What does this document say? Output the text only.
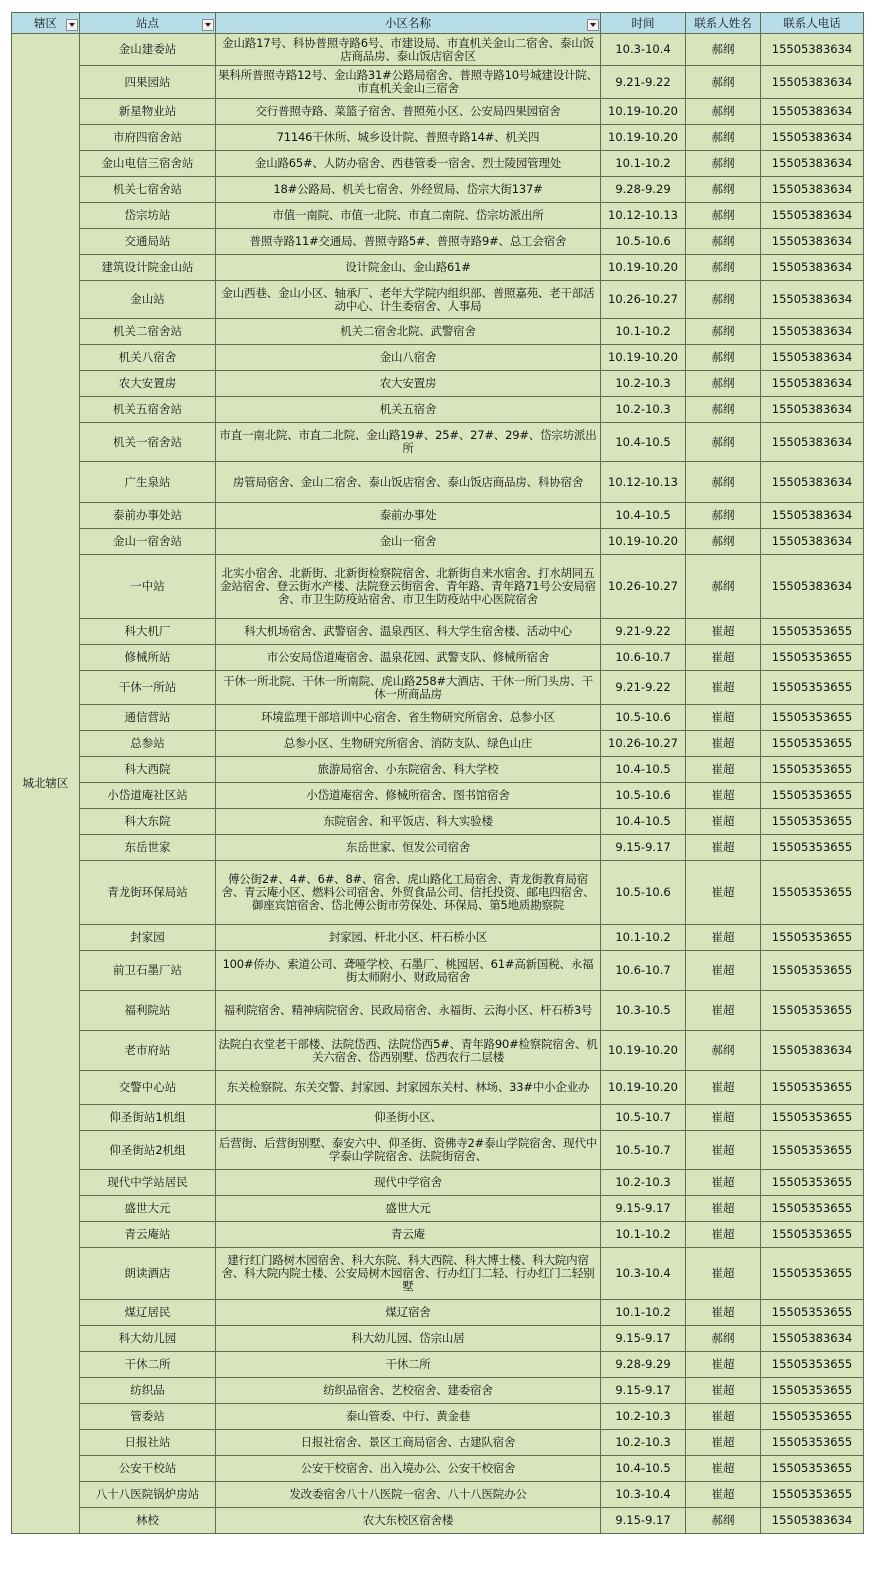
辖区	站点	小区名称	时间	联系人姓名	联系人电话
城北辖区	金山建委站	金山路17号、科协普照寺路6号、市建设局、市直机关金山二宿舍、泰山饭店商品房、泰山饭店宿舍区	10.3-10.4	郝纲	15505383634
	四果园站	果科所普照寺路12号、金山路31#公路局宿舍、普照寺路10号城建设计院、市直机关金山三宿舍	9.21-9.22	郝纲	15505383634
	新星物业站	交行普照寺路、菜篮子宿舍、普照苑小区、公安局四果园宿舍	10.19-10.20	郝纲	15505383634
	市府四宿舍站	71146干休所、城乡设计院、普照寺路14#、机关四	10.19-10.20	郝纲	15505383634
	金山电信三宿舍站	金山路65#、人防办宿舍、西巷管委一宿舍、烈士陵园管理处	10.1-10.2	郝纲	15505383634
	机关七宿舍站	18#公路局、机关七宿舍、外经贸局、岱宗大街137#	9.28-9.29	郝纲	15505383634
	岱宗坊站	市值一南院、市值一北院、市直二南院、岱宗坊派出所	10.12-10.13	郝纲	15505383634
	交通局站	普照寺路11#交通局、普照寺路5#、普照寺路9#、总工会宿舍	10.5-10.6	郝纲	15505383634
	建筑设计院金山站	设计院金山、金山路61#	10.19-10.20	郝纲	15505383634
	金山站	金山西巷、金山小区、轴承厂、老年大学院内组织部、普照嘉苑、老干部活动中心、计生委宿舍、人事局	10.26-10.27	郝纲	15505383634
	机关二宿舍站	机关二宿舍北院、武警宿舍	10.1-10.2	郝纲	15505383634
	机关八宿舍	金山八宿舍	10.19-10.20	郝纲	15505383634
	农大安置房	农大安置房	10.2-10.3	郝纲	15505383634
	机关五宿舍站	机关五宿舍	10.2-10.3	郝纲	15505383634
	机关一宿舍站	市直一南北院、市直二北院、金山路19#、25#、27#、29#、岱宗坊派出所	10.4-10.5	郝纲	15505383634
	广生泉站	房管局宿舍、金山二宿舍、泰山饭店宿舍、泰山饭店商品房、科协宿舍	10.12-10.13	郝纲	15505383634
	泰前办事处站	泰前办事处	10.4-10.5	郝纲	15505383634
	金山一宿舍站	金山一宿舍	10.19-10.20	郝纲	15505383634
	一中站	北实小宿舍、北新街、北新街检察院宿舍、北新街自来水宿舍、打水胡同五金站宿舍、登云街水产楼、法院登云街宿舍、青年路、青年路71号公安局宿舍、市卫生防疫站宿舍、市卫生防疫站中心医院宿舍	10.26-10.27	郝纲	15505383634
	科大机厂	科大机场宿舍、武警宿舍、温泉西区、科大学生宿舍楼、活动中心	9.21-9.22	崔超	15505353655
	修械所站	市公安局岱道庵宿舍、温泉花园、武警支队、修械所宿舍	10.6-10.7	崔超	15505353655
	干休一所站	干休一所北院、干休一所南院、虎山路258#大酒店、干休一所门头房、干休一所商品房	9.21-9.22	崔超	15505353655
	通信营站	环境监理干部培训中心宿舍、省生物研究所宿舍、总参小区	10.5-10.6	崔超	15505353655
	总参站	总参小区、生物研究所宿舍、消防支队、绿色山庄	10.26-10.27	崔超	15505353655
	科大西院	旅游局宿舍、小东院宿舍、科大学校	10.4-10.5	崔超	15505353655
	小岱道庵社区站	小岱道庵宿舍、修械所宿舍、图书馆宿舍	10.5-10.6	崔超	15505353655
	科大东院	东院宿舍、和平饭店、科大实验楼	10.4-10.5	崔超	15505353655
	东岳世家	东岳世家、恒发公司宿舍	9.15-9.17	崔超	15505353655
	青龙街环保局站	傅公街2#、4#、6#、8#、宿舍、虎山路化工局宿舍、青龙街教育局宿舍、青云庵小区、燃料公司宿舍、外贸食品公司、信托投资、邮电四宿舍、御座宾馆宿舍、岱北傅公街市劳保处、环保局、第5地质勘察院	10.5-10.6	崔超	15505353655
	封家园	封家园、杆北小区、杆石桥小区	10.1-10.2	崔超	15505353655
	前卫石墨厂站	100#侨办、索道公司、聋哑学校、石墨厂、桃园居、61#高新国税、永福街太师附小、财政局宿舍	10.6-10.7	崔超	15505353655
	福利院站	福利院宿舍、精神病院宿舍、民政局宿舍、永福街、云海小区、杆石桥3号	10.3-10.5	崔超	15505353655
	老市府站	法院白衣堂老干部楼、法院岱西、法院岱西5#、青年路90#检察院宿舍、机关六宿舍、岱西别墅、岱西农行二层楼	10.19-10.20	郝纲	15505383634
	交警中心站	东关检察院、东关交警、封家园、封家园东关村、林场、33#中小企业办	10.19-10.20	崔超	15505353655
	仰圣街站1机组	仰圣街小区、	10.5-10.7	崔超	15505353655
	仰圣街站2机组	后营街、后营街别墅、泰安六中、仰圣街、资佛寺2#泰山学院宿舍、现代中学泰山学院宿舍、法院街宿舍、	10.5-10.7	崔超	15505353655
	现代中学站居民	现代中学宿舍	10.2-10.3	崔超	15505353655
	盛世大元	盛世大元	9.15-9.17	崔超	15505353655
	青云庵站	青云庵	10.1-10.2	崔超	15505353655
	朗读酒店	建行红门路树木园宿舍、科大东院、科大西院、科大博士楼、科大院内宿舍、科大院内院士楼、公安局树木园宿舍、行办红门二轻、行办红门二轻别墅	10.3-10.4	崔超	15505353655
	煤辽居民	煤辽宿舍	10.1-10.2	崔超	15505353655
	科大幼儿园	科大幼儿园、岱宗山居	9.15-9.17	郝纲	15505383634
	干休二所	干休二所	9.28-9.29	崔超	15505353655
	纺织品	纺织品宿舍、艺校宿舍、建委宿舍	9.15-9.17	崔超	15505353655
	管委站	泰山管委、中行、黄金巷	10.2-10.3	崔超	15505353655
	日报社站	日报社宿舍、景区工商局宿舍、古建队宿舍	10.2-10.3	崔超	15505353655
	公安干校站	公安干校宿舍、出入境办公、公安干校宿舍	10.4-10.5	崔超	15505353655
	八十八医院锅炉房站	发改委宿舍八十八医院一宿舍、八十八医院办公	10.3-10.4	崔超	15505353655
	林校	农大东校区宿舍楼	9.15-9.17	郝纲	15505383634
